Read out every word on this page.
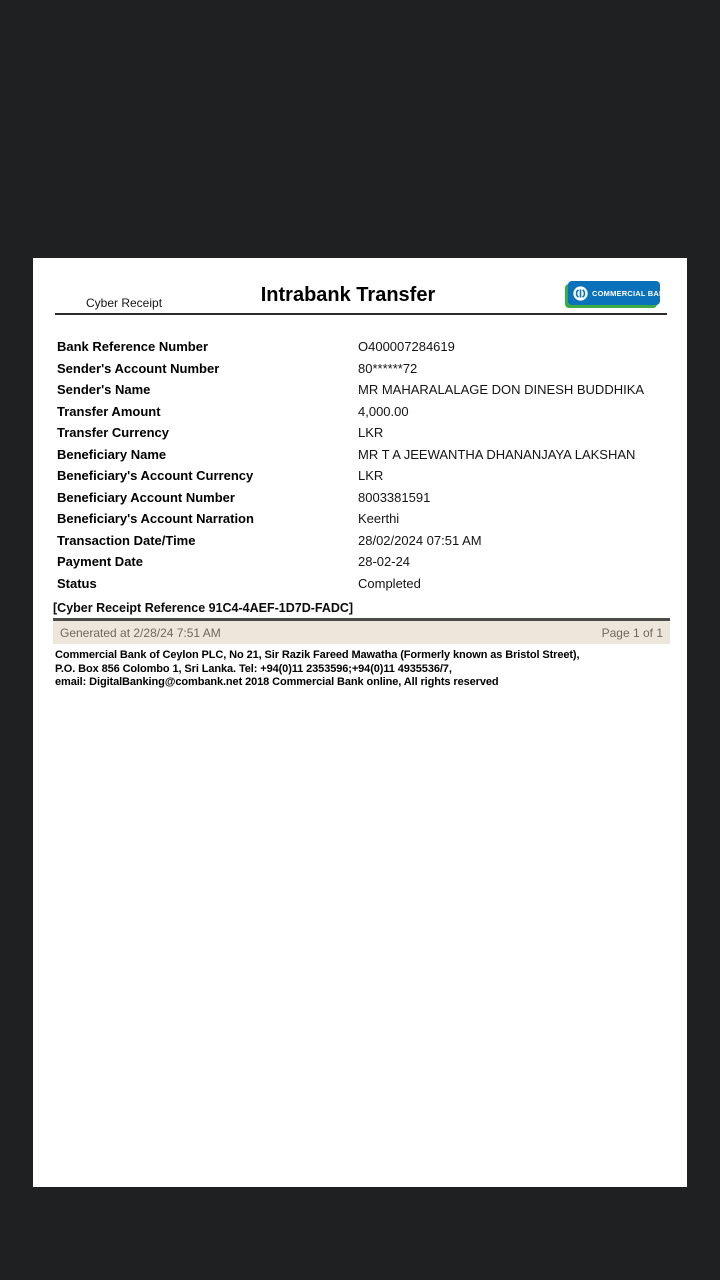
Cyber Receipt	Intrabank Transfer	COMMERCIAL BANK
Bank Reference Number	O400007284619
Sender's Account Number	80******72
Sender's Name	MR MAHARALALAGE DON DINESH BUDDHIKA
Transfer Amount	4,000.00
Transfer Currency	LKR
Beneficiary Name	MR T A JEEWANTHA DHANANJAYA LAKSHAN
Beneficiary's Account Currency	LKR
Beneficiary Account Number	8003381591
Beneficiary's Account Narration	Keerthi
Transaction Date/Time	28/02/2024 07:51 AM
Payment Date	28-02-24
Status	Completed
[Cyber Receipt Reference 91C4-4AEF-1D7D-FADC]
Generated at 2/28/24 7:51 AM	Page 1 of 1
Commercial Bank of Ceylon PLC, No 21, Sir Razik Fareed Mawatha (Formerly known as Bristol Street),
P.O. Box 856 Colombo 1, Sri Lanka. Tel: +94(0)11 2353596;+94(0)11 4935536/7,
email: DigitalBanking@combank.net 2018 Commercial Bank online, All rights reserved
